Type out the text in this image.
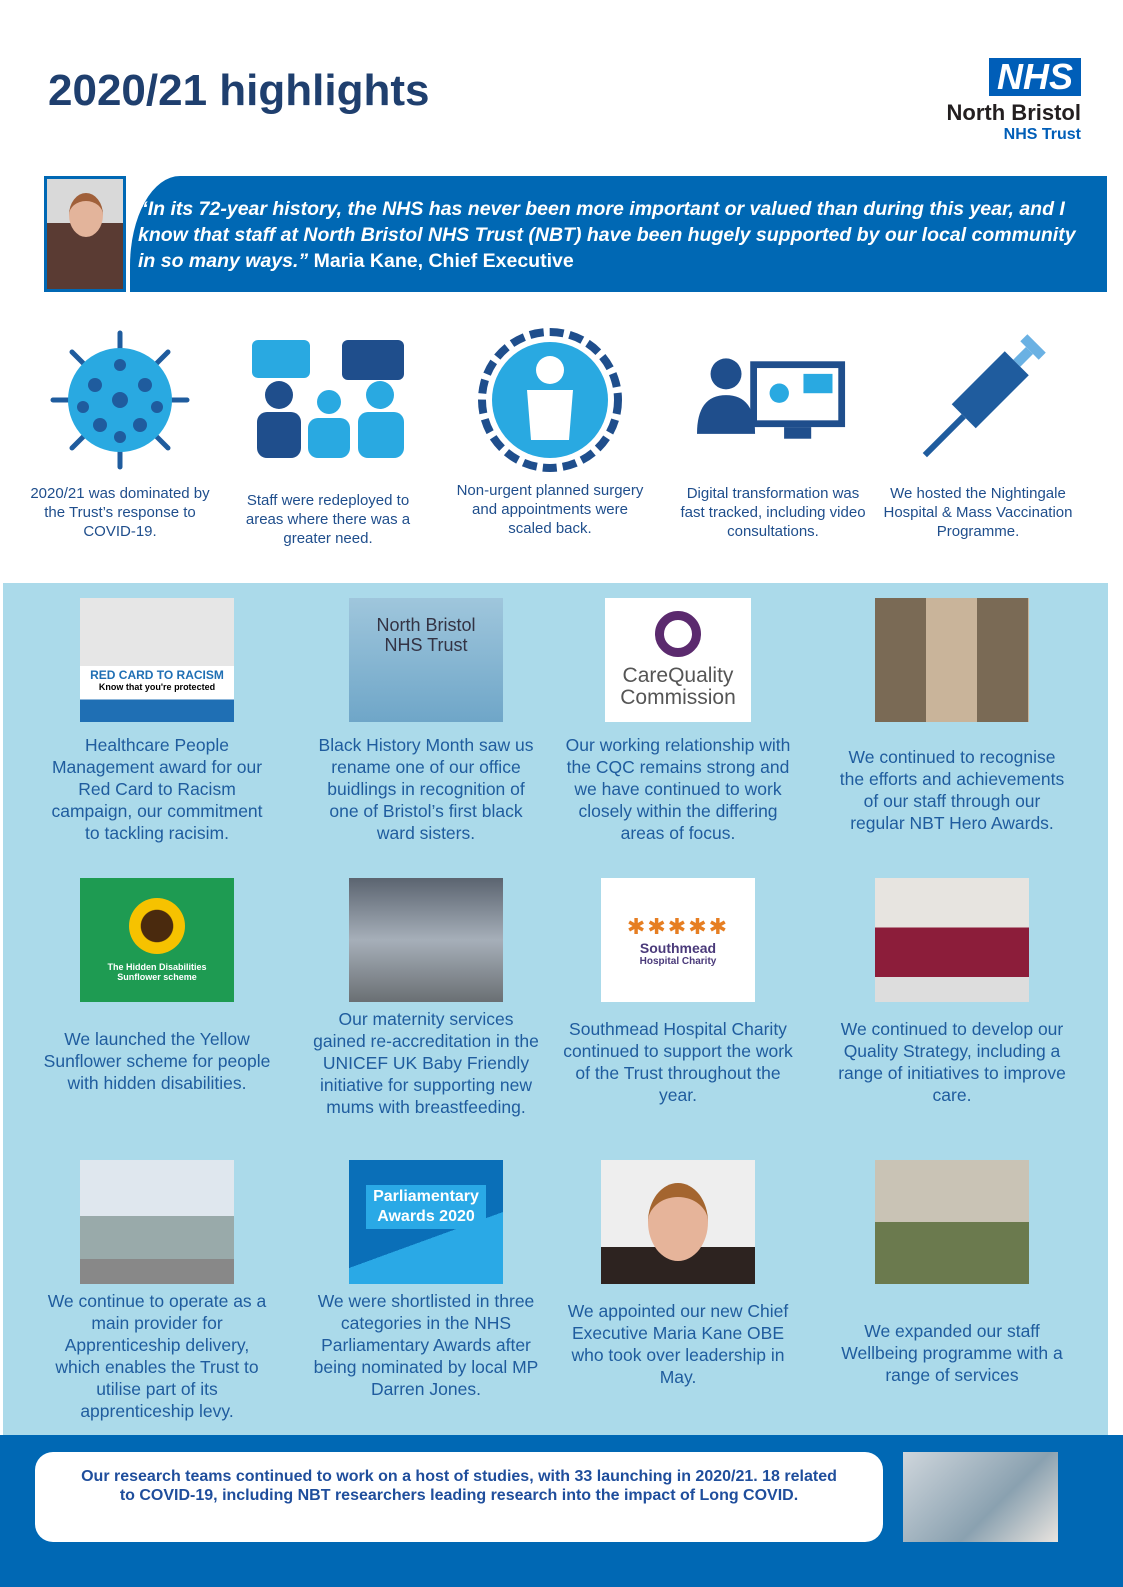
2020/21 highlights	NHS
North Bristol
NHS Trust
“In its 72-year history, the NHS has never been more important or valued than during this year, and I know that staff at North Bristol NHS Trust (NBT) have been hugely supported by our local community in so many ways.” Maria Kane, Chief Executive
2020/21 was dominated by the Trust’s response to COVID-19.
Staff were redeployed to areas where there was a greater need.
Non-urgent planned surgery and appointments were scaled back.
Digital transformation was fast tracked, including video consultations.
We hosted the Nightingale Hospital & Mass Vaccination Programme.
RED CARD TO RACISM
Know that you're protected
Healthcare People Management award for our Red Card to Racism campaign, our commitment to tackling racisim.
North Bristol NHS Trust
Black History Month saw us rename one of our office buidlings in recognition of one of Bristol’s first black ward sisters.
CareQuality Commission
Our working relationship with the CQC remains strong and we have continued to work closely within the differing areas of focus.
We continued to recognise the efforts and achievements of our staff through our regular NBT Hero Awards.
The Hidden Disabilities Sunflower scheme
We launched the Yellow Sunflower scheme for people with hidden disabilities.
Our maternity services gained re-accreditation in the UNICEF UK Baby Friendly initiative for supporting new mums with breastfeeding.
✱✱✱✱✱
Southmead
Hospital Charity
Southmead Hospital Charity continued to support the work of the Trust throughout the year.
We continued to develop our Quality Strategy, including a range of initiatives to improve care.
We continue to operate as a main provider for Apprenticeship delivery, which enables the Trust to utilise part of its apprenticeship levy.
Parliamentary Awards 2020
We were shortlisted in three categories in the NHS Parliamentary Awards after being nominated by local MP Darren Jones.
We appointed our new Chief Executive Maria Kane OBE who took over leadership in May.
We expanded our staff Wellbeing programme with a range of services
Our research teams continued to work on a host of studies, with 33 launching in 2020/21. 18 related to COVID-19, including NBT researchers leading research into the impact of Long COVID.
